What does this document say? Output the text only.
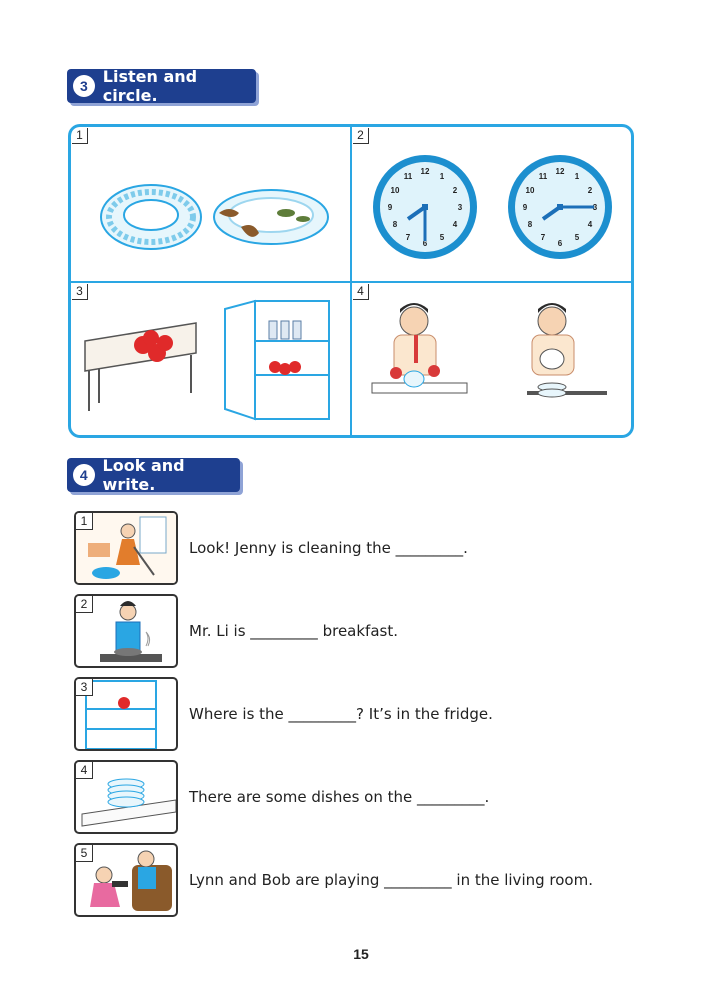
3 Listen and circle.
1	2
12
1
2
3
4
5
6
7
8
9
10
11
12
1
2
3
4
5
6
7
8
9
10
11
3	4
4 Look and write.
1
Look! Jenny is cleaning the _________.
2
Mr. Li is _________ breakfast.
3
Where is the _________? It’s in the fridge.
4
There are some dishes on the _________.
5
Lynn and Bob are playing _________ in the living room.
15
